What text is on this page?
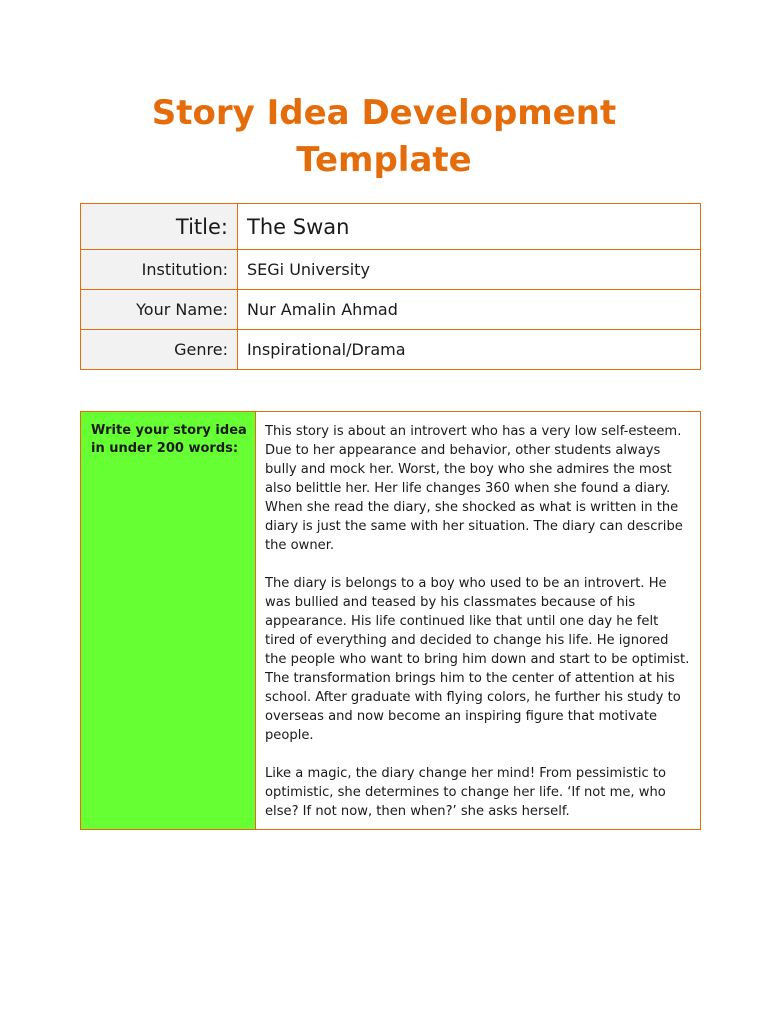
Story Idea Development
Template
Title:	The Swan
Institution:	SEGi University
Your Name:	Nur Amalin Ahmad
Genre:	Inspirational/Drama
Write your story idea in under 200 words:	

This story is about an introvert who has a very low self-esteem. Due to her appearance and behavior, other students always bully and mock her. Worst, the boy who she admires the most also belittle her. Her life changes 360 when she found a diary. When she read the diary, she shocked as what is written in the diary is just the same with her situation. The diary can describe the owner.

The diary is belongs to a boy who used to be an introvert. He was bullied and teased by his classmates because of his appearance. His life continued like that until one day he felt tired of everything and decided to change his life. He ignored the people who want to bring him down and start to be optimist. The transformation brings him to the center of attention at his school. After graduate with flying colors, he further his study to overseas and now become an inspiring figure that motivate people.

Like a magic, the diary change her mind! From pessimistic to optimistic, she determines to change her life. ‘If not me, who else? If not now, then when?’ she asks herself.
